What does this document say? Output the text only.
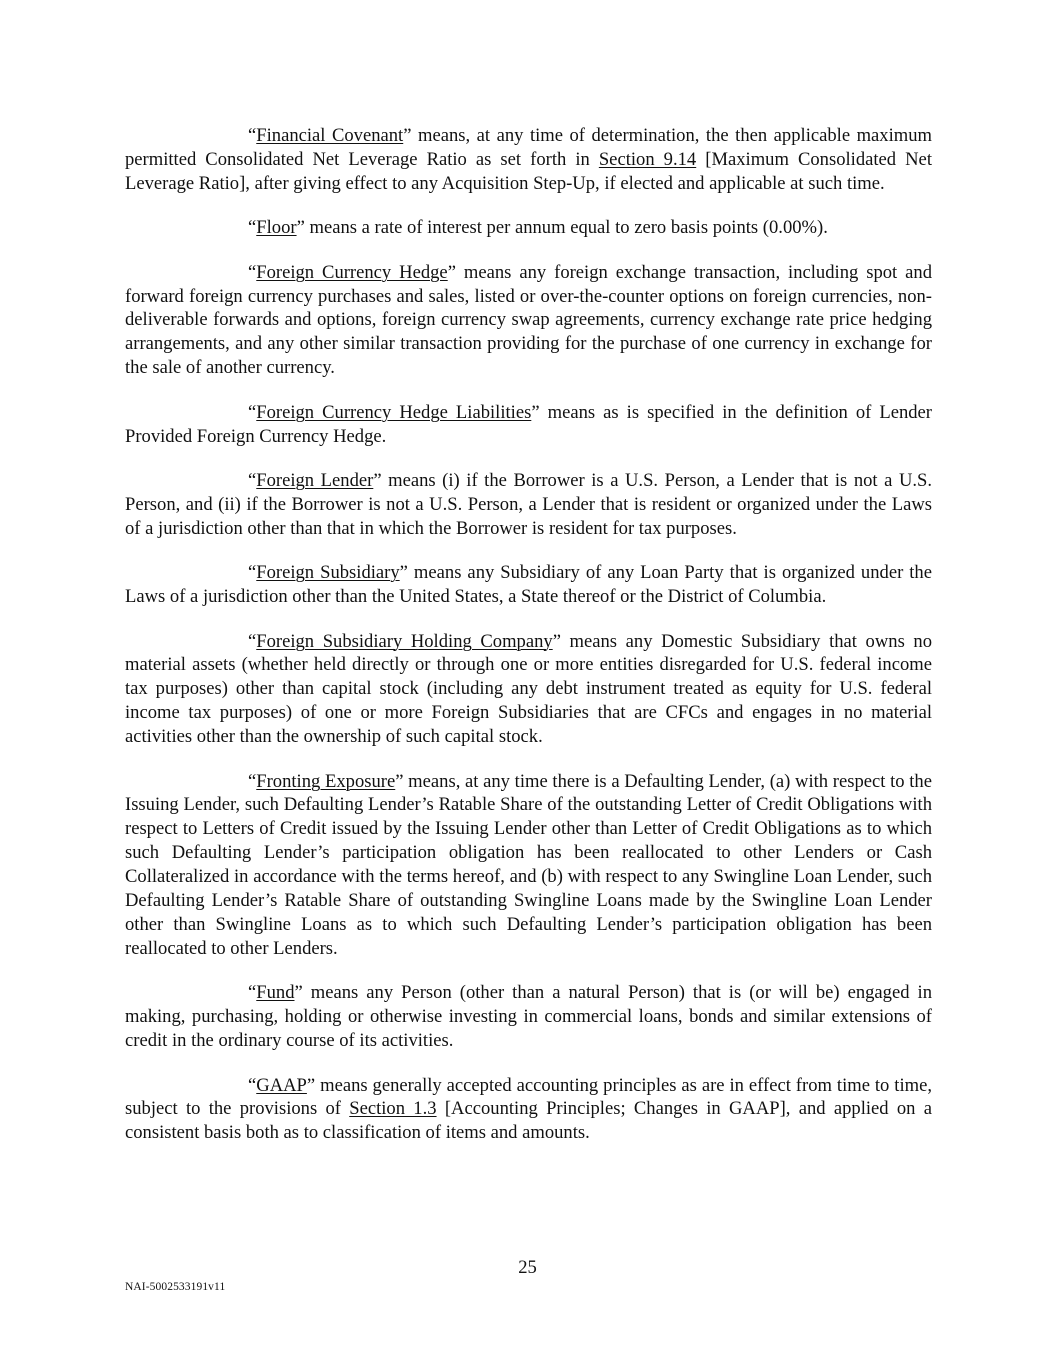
“Financial Covenant” means, at any time of determination, the then applicable maximum permitted Consolidated Net Leverage Ratio as set forth in Section 9.14 [Maximum Consolidated Net Leverage Ratio], after giving effect to any Acquisition Step-Up, if elected and applicable at such time.

“Floor” means a rate of interest per annum equal to zero basis points (0.00%).

“Foreign Currency Hedge” means any foreign exchange transaction, including spot and forward foreign currency purchases and sales, listed or over-the-counter options on foreign currencies, non-deliverable forwards and options, foreign currency swap agreements, currency exchange rate price hedging arrangements, and any other similar transaction providing for the purchase of one currency in exchange for the sale of another currency.

“Foreign Currency Hedge Liabilities” means as is specified in the definition of Lender Provided Foreign Currency Hedge.

“Foreign Lender” means (i) if the Borrower is a U.S. Person, a Lender that is not a U.S. Person, and (ii) if the Borrower is not a U.S. Person, a Lender that is resident or organized under the Laws of a jurisdiction other than that in which the Borrower is resident for tax purposes.

“Foreign Subsidiary” means any Subsidiary of any Loan Party that is organized under the Laws of a jurisdiction other than the United States, a State thereof or the District of Columbia.

“Foreign Subsidiary Holding Company” means any Domestic Subsidiary that owns no material assets (whether held directly or through one or more entities disregarded for U.S. federal income tax purposes) other than capital stock (including any debt instrument treated as equity for U.S. federal income tax purposes) of one or more Foreign Subsidiaries that are CFCs and engages in no material activities other than the ownership of such capital stock.

“Fronting Exposure” means, at any time there is a Defaulting Lender, (a) with respect to the Issuing Lender, such Defaulting Lender’s Ratable Share of the outstanding Letter of Credit Obligations with respect to Letters of Credit issued by the Issuing Lender other than Letter of Credit Obligations as to which such Defaulting Lender’s participation obligation has been reallocated to other Lenders or Cash Collateralized in accordance with the terms hereof, and (b) with respect to any Swingline Loan Lender, such Defaulting Lender’s Ratable Share of outstanding Swingline Loans made by the Swingline Loan Lender other than Swingline Loans as to which such Defaulting Lender’s participation obligation has been reallocated to other Lenders.

“Fund” means any Person (other than a natural Person) that is (or will be) engaged in making, purchasing, holding or otherwise investing in commercial loans, bonds and similar extensions of credit in the ordinary course of its activities.

“GAAP” means generally accepted accounting principles as are in effect from time to time, subject to the provisions of Section 1.3 [Accounting Principles; Changes in GAAP], and applied on a consistent basis both as to classification of items and amounts.

25
NAI-5002533191v11
